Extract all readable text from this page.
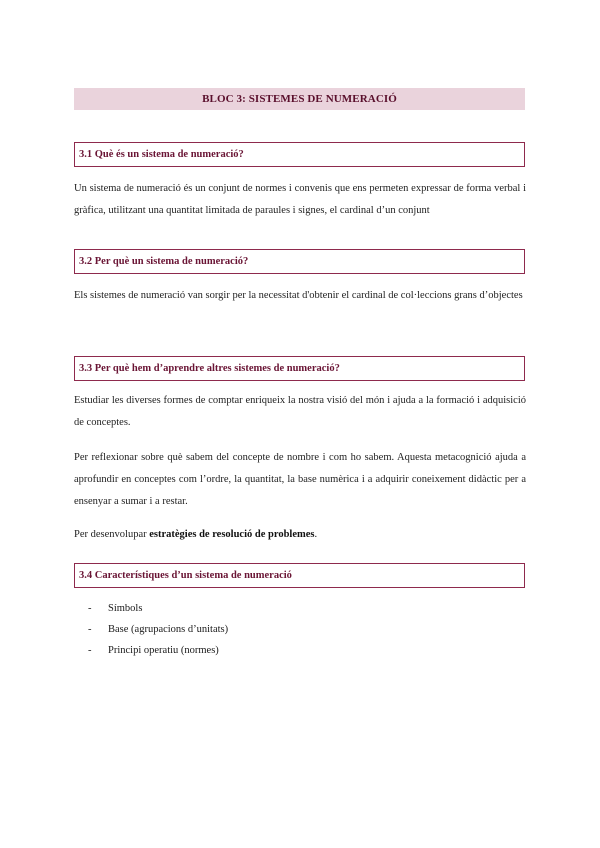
BLOC 3: SISTEMES DE NUMERACIÓ
3.1 Què és un sistema de numeració?
Un sistema de numeració és un conjunt de normes i convenis que ens permeten expressar de forma verbal i gràfica, utilitzant una quantitat limitada de paraules i signes, el cardinal d’un conjunt
3.2 Per què un sistema de numeració?
Els sistemes de numeració van sorgir per la necessitat d'obtenir el cardinal de col·leccions grans d’objectes
3.3 Per què hem d’aprendre altres sistemes de numeració?
Estudiar les diverses formes de comptar enriqueix la nostra visió del món i ajuda a la formació i adquisició de conceptes.
Per reflexionar sobre què sabem del concepte de nombre i com ho sabem. Aquesta metacognició ajuda a aprofundir en conceptes com l’ordre, la quantitat, la base numèrica i a adquirir coneixement didàctic per a ensenyar a sumar i a restar.
Per desenvolupar estratègies de resolució de problemes.
3.4 Característiques d’un sistema de numeració
- Símbols
- Base (agrupacions d’unitats)
- Principi operatiu (normes)
